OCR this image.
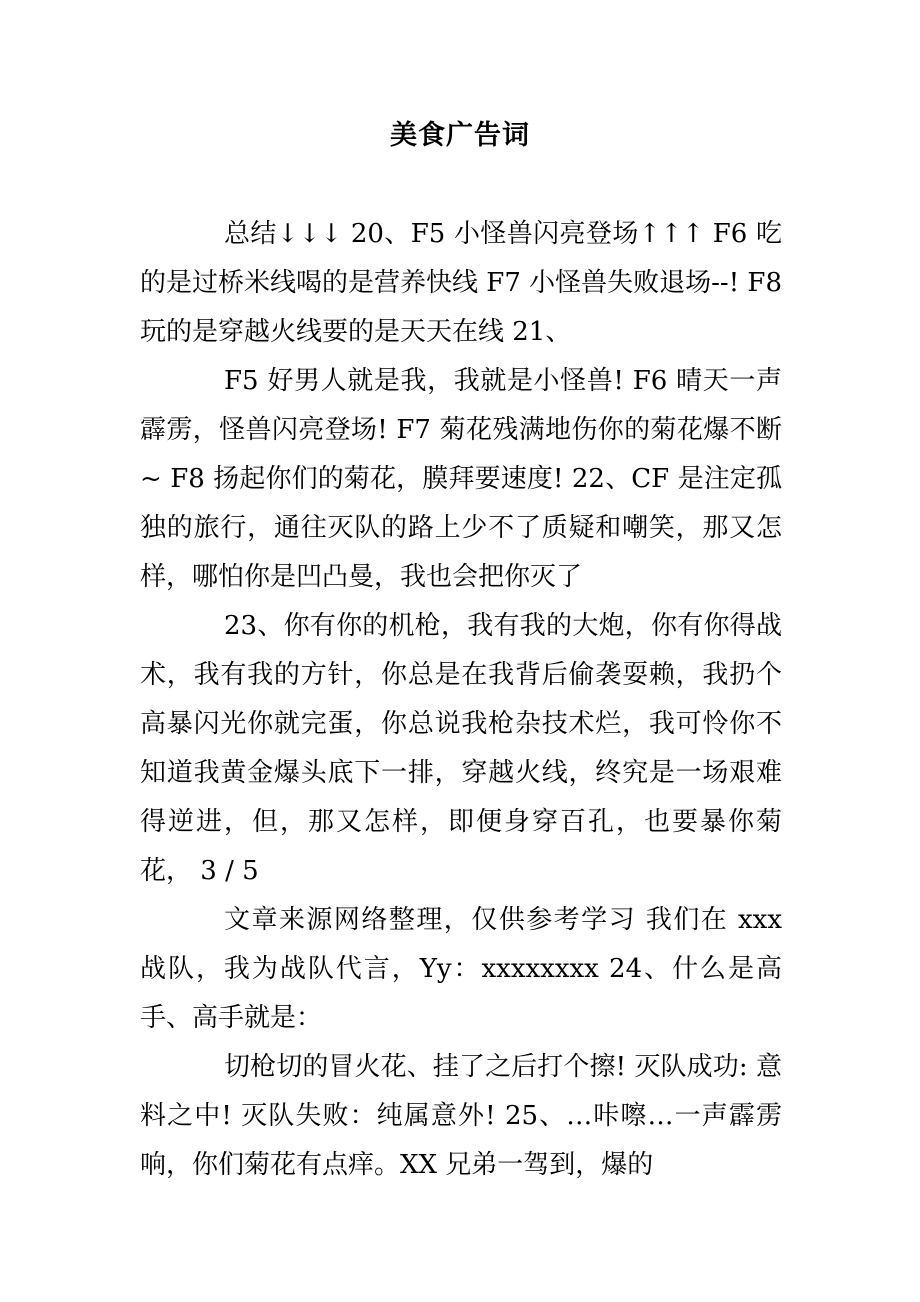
美食广告词

总结↓↓↓ 20、F5 小怪兽闪亮登场↑↑↑ F6 吃的是过桥米线喝的是营养快线 F7 小怪兽失败退场--! F8 玩的是穿越火线要的是天天在线 21、

F5 好男人就是我，我就是小怪兽! F6 晴天一声霹雳，怪兽闪亮登场! F7 菊花残满地伤你的菊花爆不断~ F8 扬起你们的菊花，膜拜要速度! 22、CF 是注定孤独的旅行，通往灭队的路上少不了质疑和嘲笑，那又怎样，哪怕你是凹凸曼，我也会把你灭了

23、你有你的机枪，我有我的大炮，你有你得战术，我有我的方针，你总是在我背后偷袭耍赖，我扔个高暴闪光你就完蛋，你总说我枪杂技术烂，我可怜你不知道我黄金爆头底下一排，穿越火线，终究是一场艰难得逆进，但，那又怎样，即便身穿百孔，也要暴你菊花， 3 / 5

文章来源网络整理，仅供参考学习 我们在 xxx 战队，我为战队代言，Yy：xxxxxxxx 24、什么是高手、高手就是：

切枪切的冒火花、挂了之后打个擦! 灭队成功: 意料之中! 灭队失败：纯属意外! 25、…咔嚓…一声霹雳响，你们菊花有点痒。XX 兄弟一驾到，爆的
